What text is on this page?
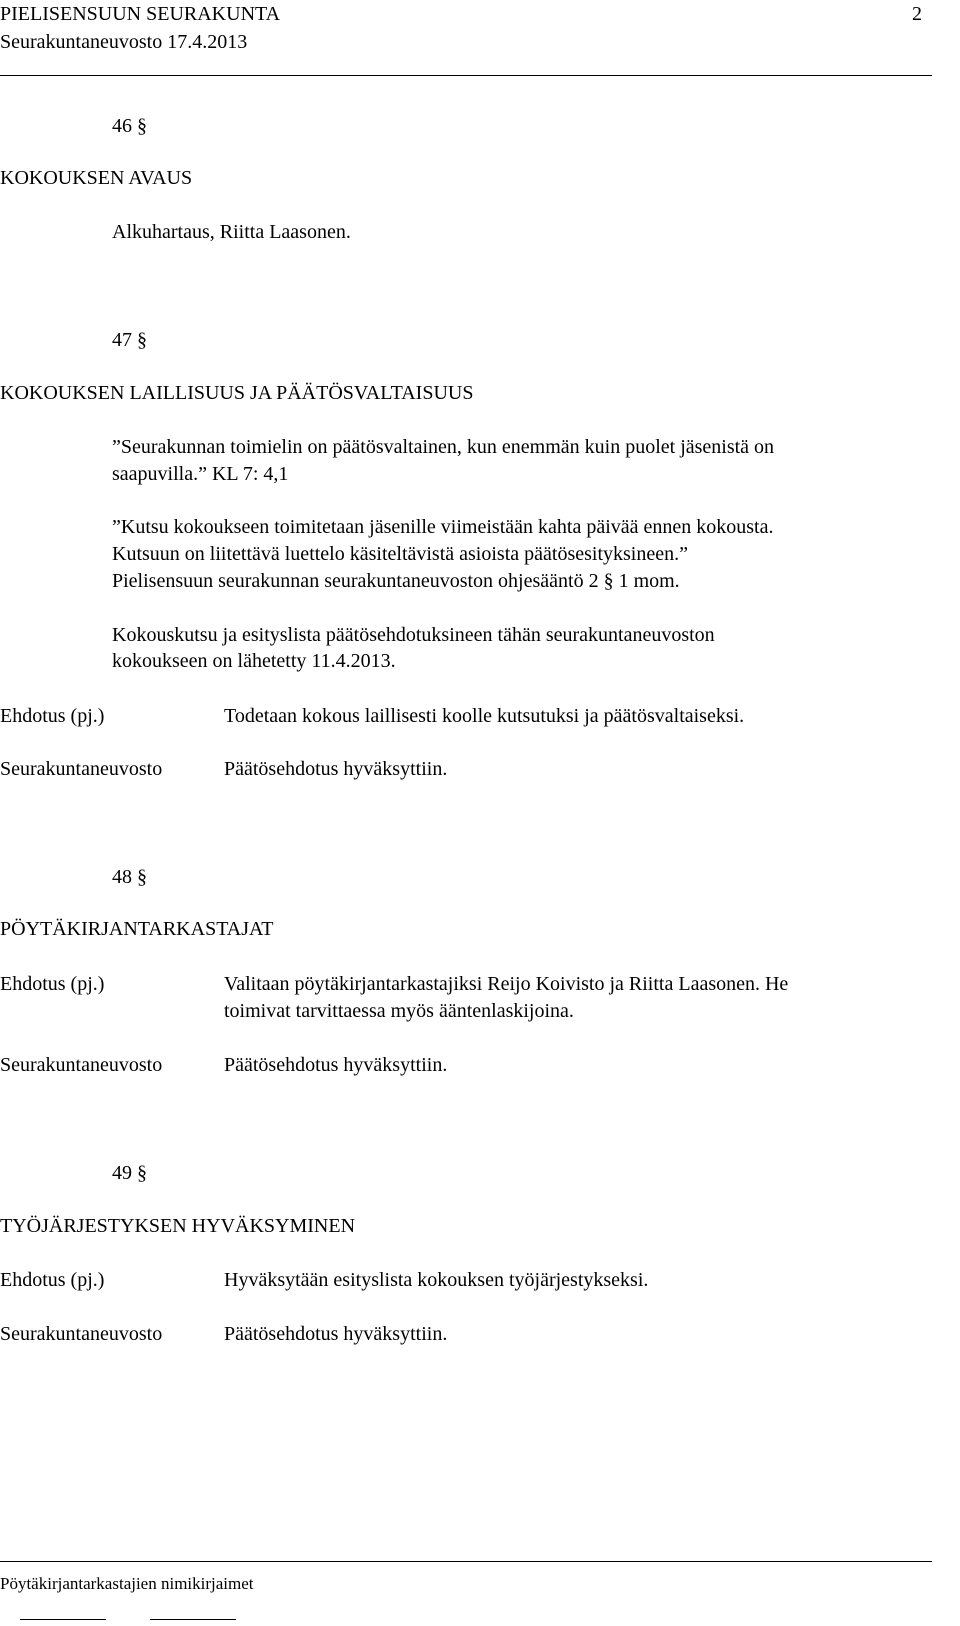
PIELISENSUUN SEURAKUNTA	2
Seurakuntaneuvosto 17.4.2013
46 §
KOKOUKSEN AVAUS
Alkuhartaus, Riitta Laasonen.
47 §
KOKOUKSEN LAILLISUUS JA PÄÄTÖSVALTAISUUS
”Seurakunnan toimielin on päätösvaltainen, kun enemmän kuin puolet jäsenistä on
saapuvilla.” KL 7: 4,1
”Kutsu kokoukseen toimitetaan jäsenille viimeistään kahta päivää ennen kokousta.
Kutsuun on liitettävä luettelo käsiteltävistä asioista päätösesityksineen.”
Pielisensuun seurakunnan seurakuntaneuvoston ohjesääntö 2 § 1 mom.
Kokouskutsu ja esityslista päätösehdotuksineen tähän seurakuntaneuvoston
kokoukseen on lähetetty 11.4.2013.
Ehdotus (pj.)	Todetaan kokous laillisesti koolle kutsutuksi ja päätösvaltaiseksi.
Seurakuntaneuvosto	Päätösehdotus hyväksyttiin.
48 §
PÖYTÄKIRJANTARKASTAJAT
Ehdotus (pj.)	Valitaan pöytäkirjantarkastajiksi Reijo Koivisto ja Riitta Laasonen. He
toimivat tarvittaessa myös ääntenlaskijoina.
Seurakuntaneuvosto	Päätösehdotus hyväksyttiin.
49 §
TYÖJÄRJESTYKSEN HYVÄKSYMINEN
Ehdotus (pj.)	Hyväksytään esityslista kokouksen työjärjestykseksi.
Seurakuntaneuvosto	Päätösehdotus hyväksyttiin.
Pöytäkirjantarkastajien nimikirjaimet
